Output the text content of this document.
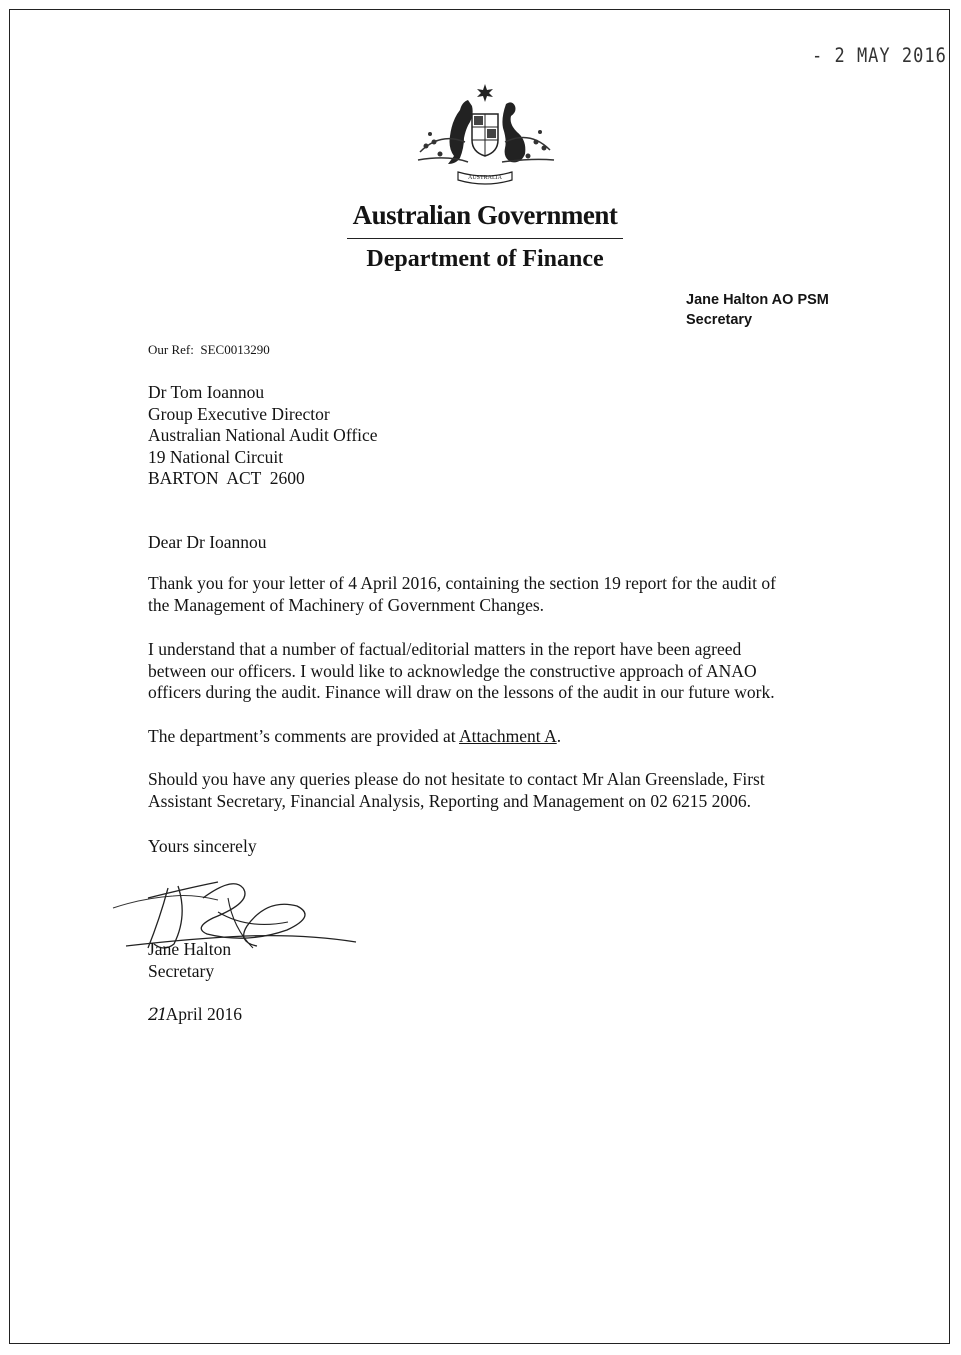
- 2 MAY 2016
AUSTRALIA
Australian Government
Department of Finance
Jane Halton AO PSM
Secretary
Our Ref: SEC0013290
Dr Tom Ioannou
Group Executive Director
Australian National Audit Office
19 National Circuit
BARTON  ACT  2600
Dear Dr Ioannou
Thank you for your letter of 4 April 2016, containing the section 19 report for the audit of
the Management of Machinery of Government Changes.
I understand that a number of factual/editorial matters in the report have been agreed
between our officers. I would like to acknowledge the constructive approach of ANAO
officers during the audit. Finance will draw on the lessons of the audit in our future work.
The department’s comments are provided at Attachment A.
Should you have any queries please do not hesitate to contact Mr Alan Greenslade, First
Assistant Secretary, Financial Analysis, Reporting and Management on 02 6215 2006.
Yours sincerely
Jane Halton
Secretary
21April 2016
